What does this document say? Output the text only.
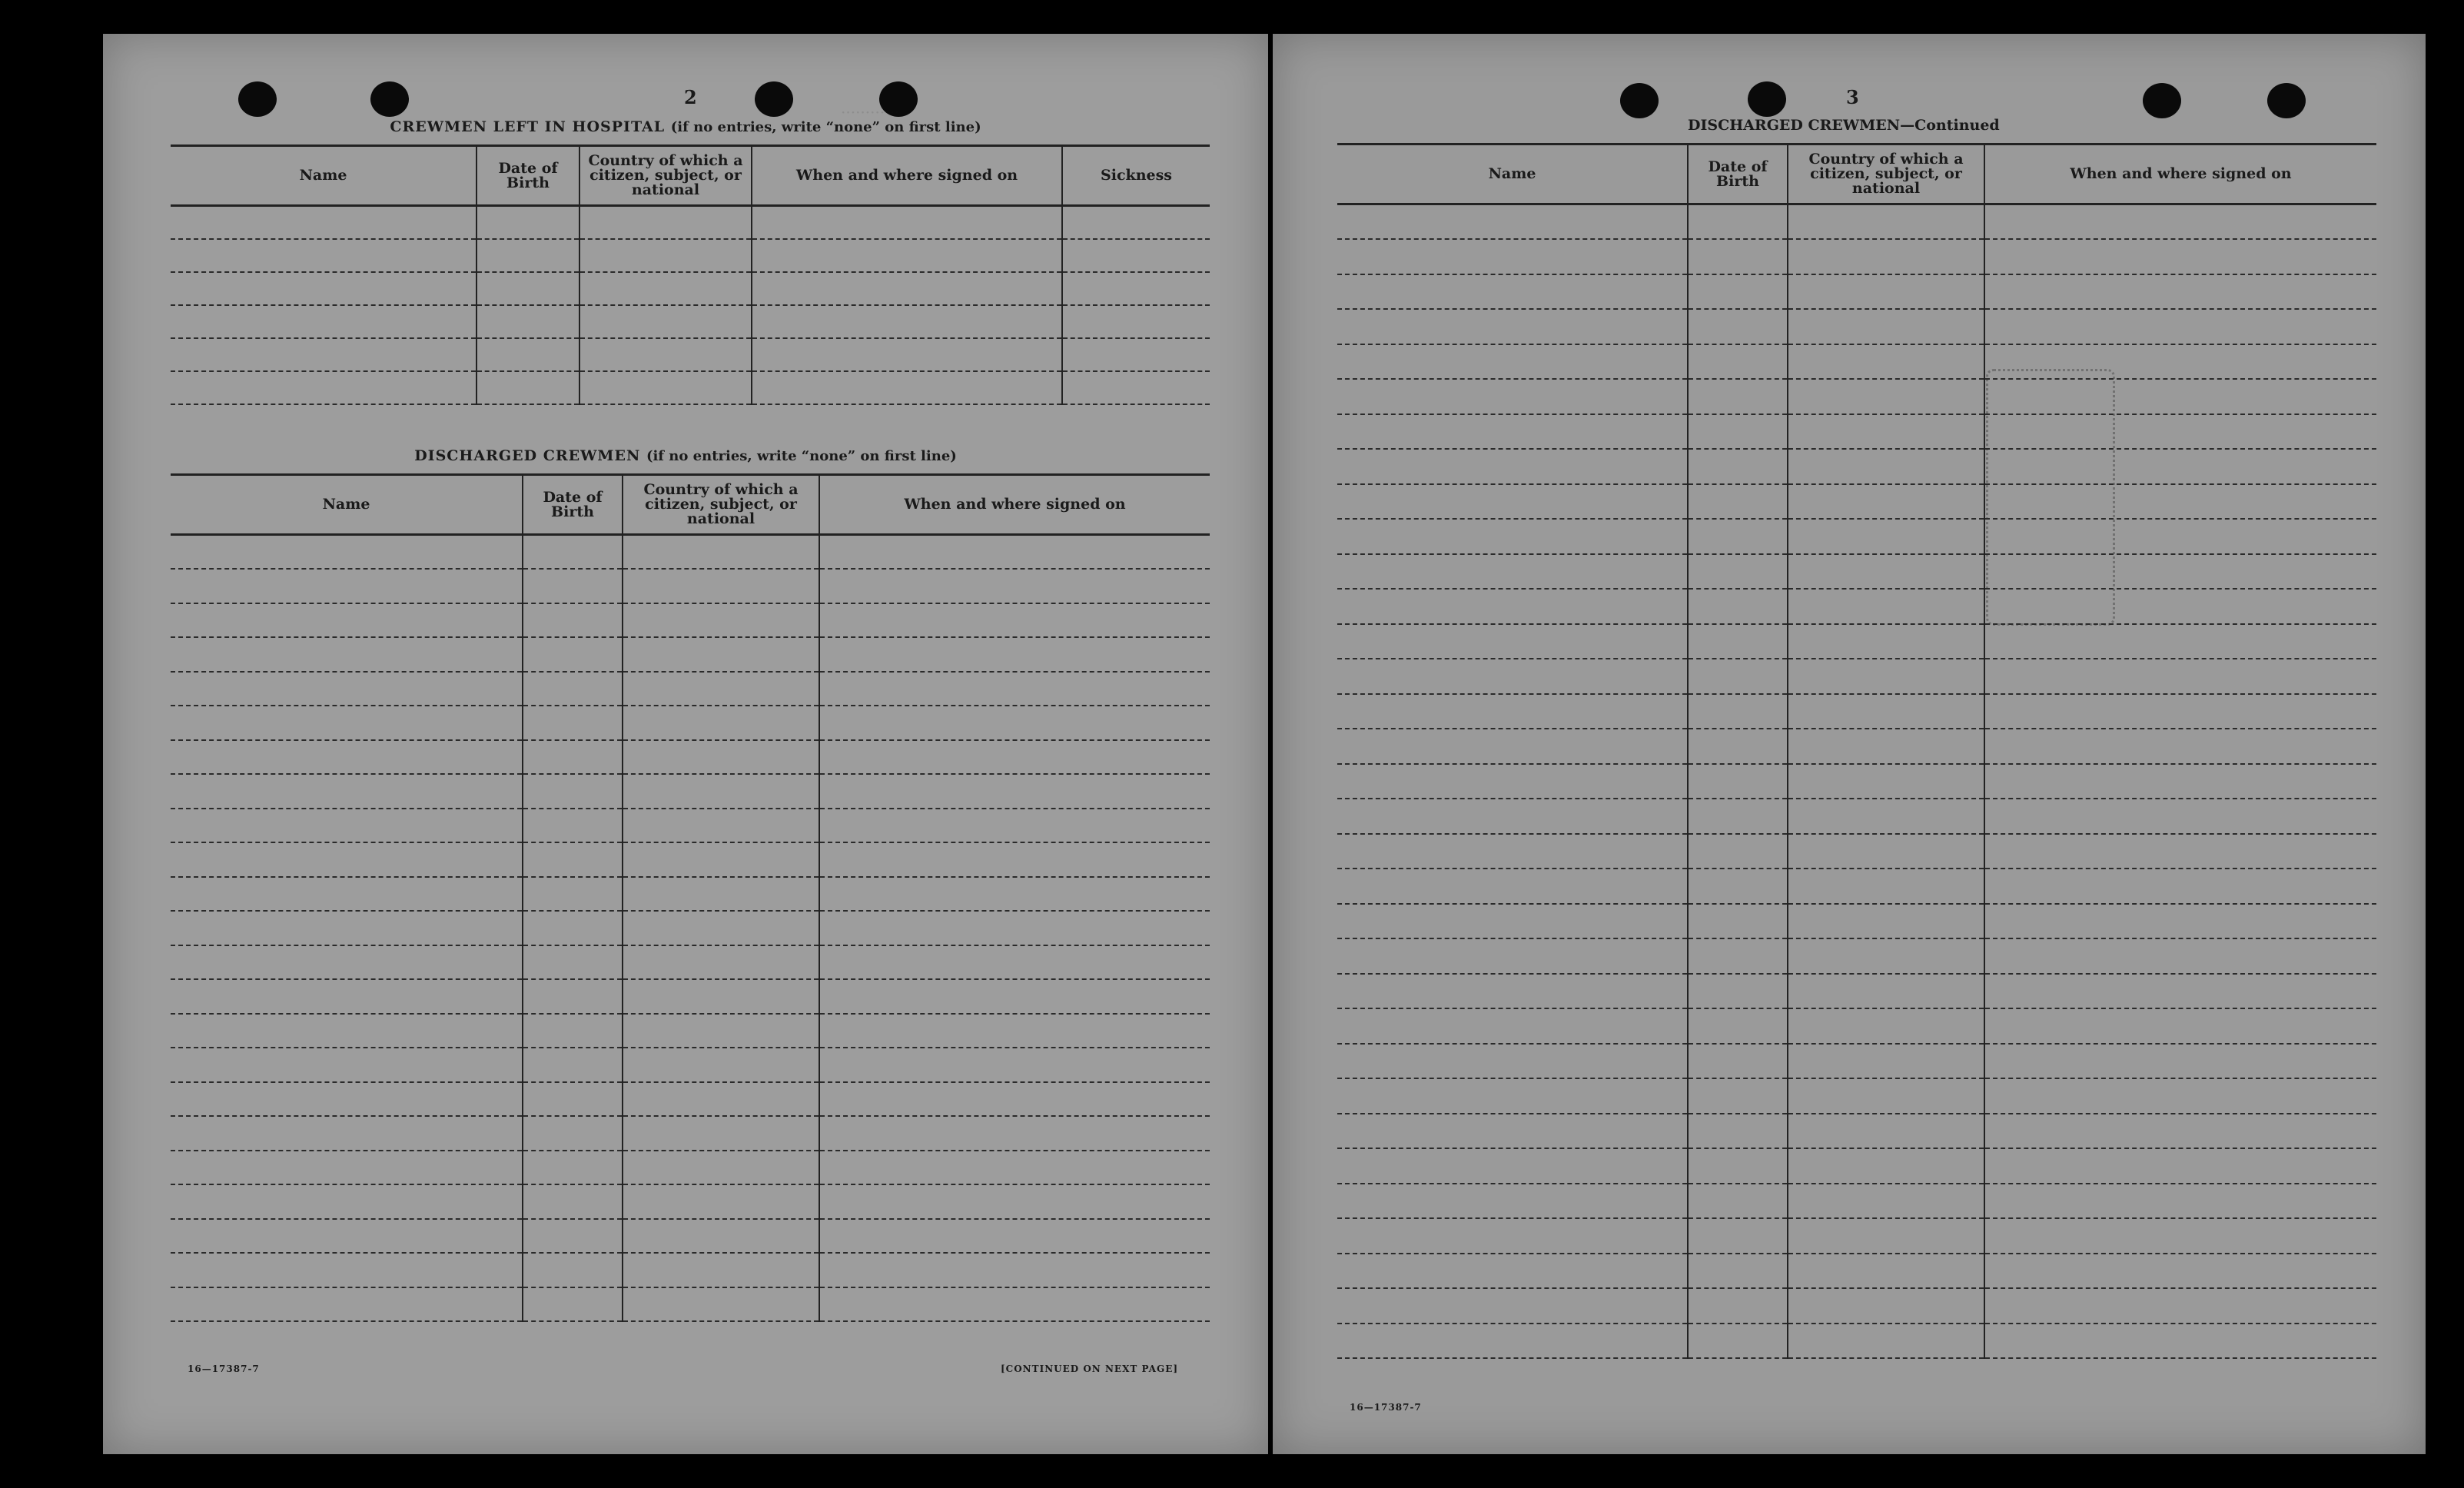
············
2
CREWMEN LEFT IN HOSPITAL (if no entries, write “none” on first line)
Name	Date of Birth	Country of which a citizen, subject, or national	When and where signed on	Sickness

DISCHARGED CREWMEN (if no entries, write “none” on first line)
Name	Date of Birth	Country of which a citizen, subject, or national	When and where signed on

16—17387-7	[CONTINUED ON NEXT PAGE]
3
DISCHARGED CREWMEN—Continued
Name	Date of Birth	Country of which a citizen, subject, or national	When and where signed on

16—17387-7
